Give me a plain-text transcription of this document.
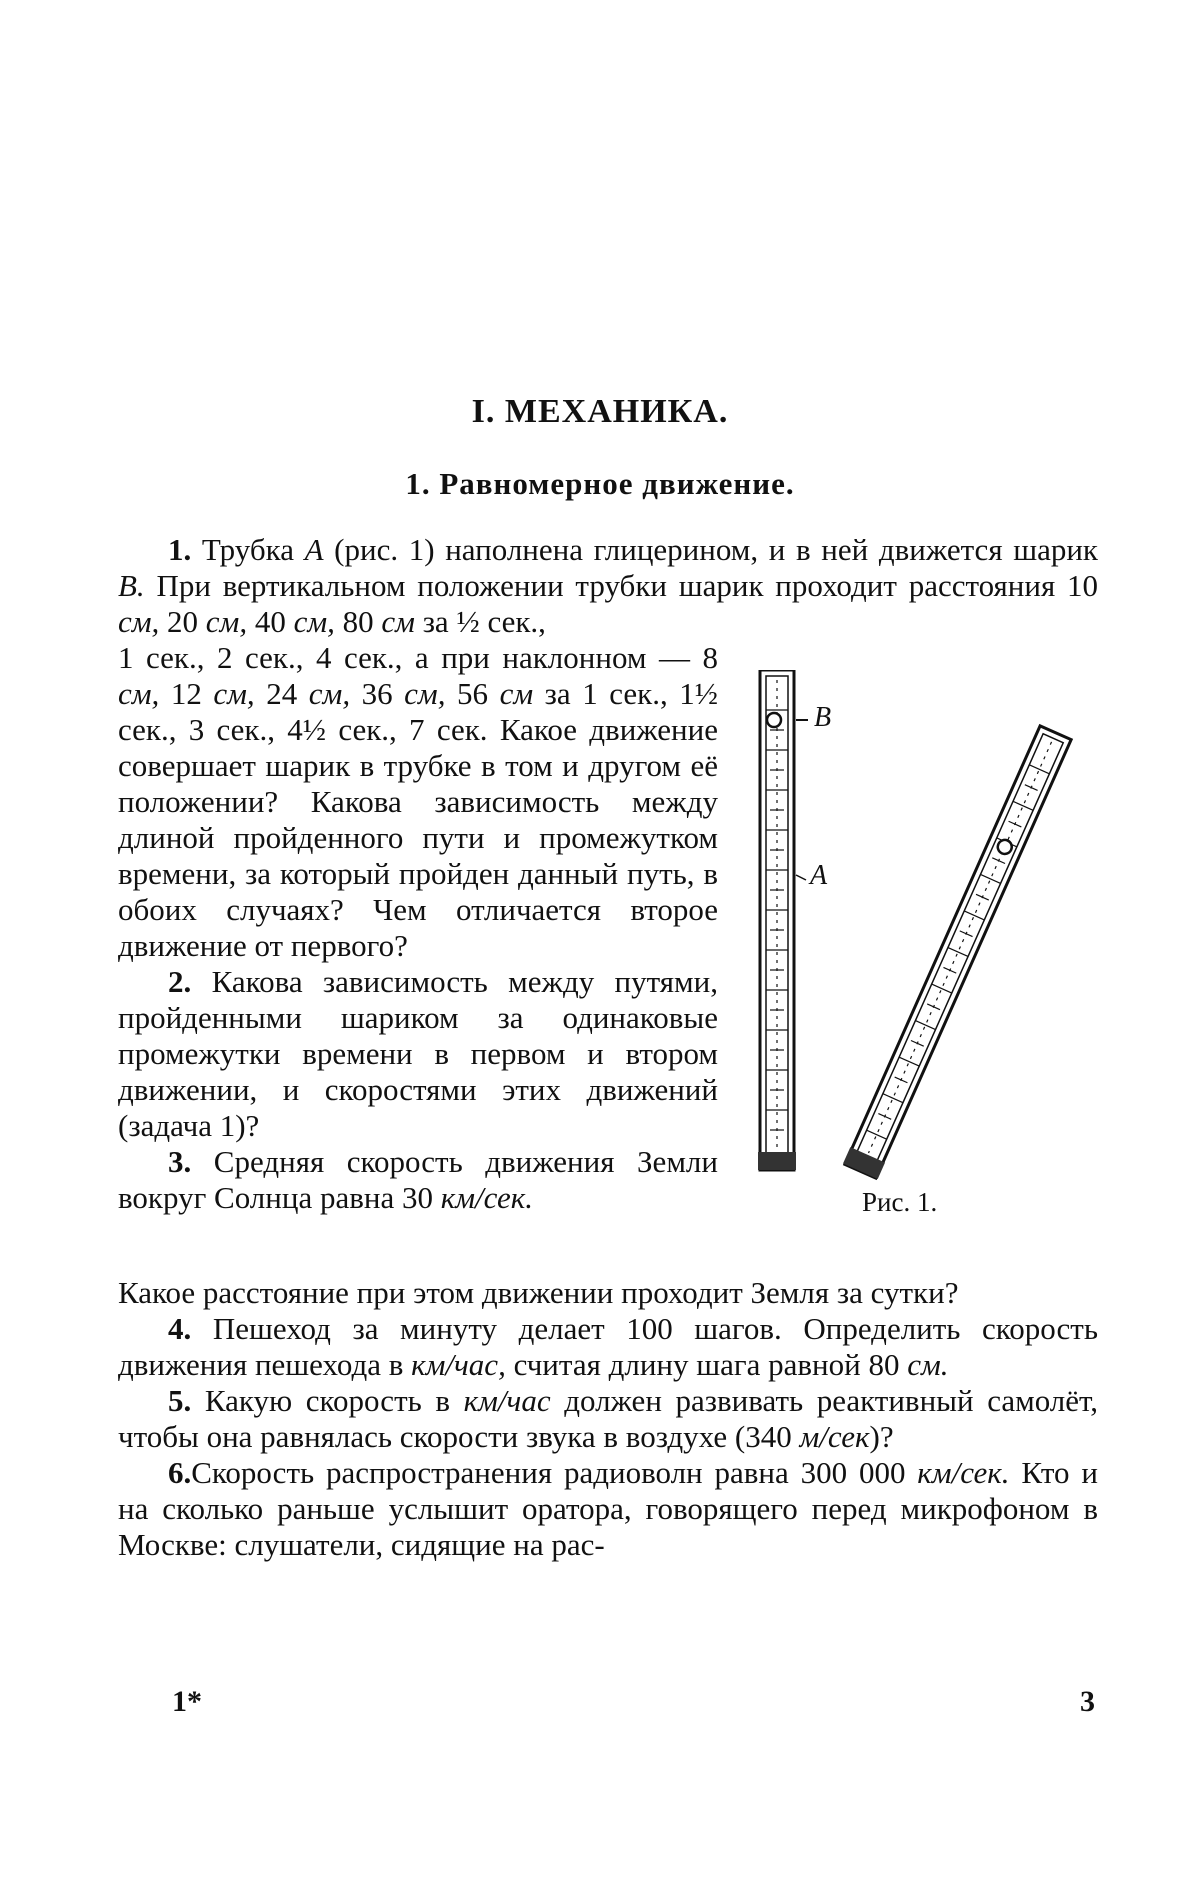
I. МЕХАНИКА.
1. Равномерное движение.

1. Трубка А (рис. 1) наполнена глицерином, и в ней движется шарик В. При вертикальном положении трубки шарик проходит расстояния 10 см, 20 см, 40 см, 80 см за ½ сек.,

1 сек., 2 сек., 4 сек., а при наклонном — 8 см, 12 см, 24 см, 36 см, 56 см за 1 сек., 1½ сек., 3 сек., 4½ сек., 7 сек. Какое движение совершает шарик в трубке в том и другом её положении? Какова зависимость между длиной пройденного пути и промежутком времени, за который пройден данный путь, в обоих случаях? Чем отличается второе движение от первого?

2. Какова зависимость между путями, пройденными шариком за одинаковые промежутки времени в первом и втором движении, и скоростями этих движений (задача 1)?

3. Средняя скорость движения Земли вокруг Солнца равна 30 км/сек.

Какое расстояние при этом движении проходит Земля за сутки?

4. Пешеход за минуту делает 100 шагов. Определить скорость движения пешехода в км/час, считая длину шага равной 80 см.

5. Какую скорость в км/час должен развивать реактивный самолёт, чтобы она равнялась скорости звука в воздухе (340 м/сек)?

6.Скорость распространения радиоволн равна 300 000 км/сек. Кто и на сколько раньше услышит оратора, говорящего перед микрофоном в Москве: слушатели, сидящие на рас-

В
А
Рис. 1.
1*	3
